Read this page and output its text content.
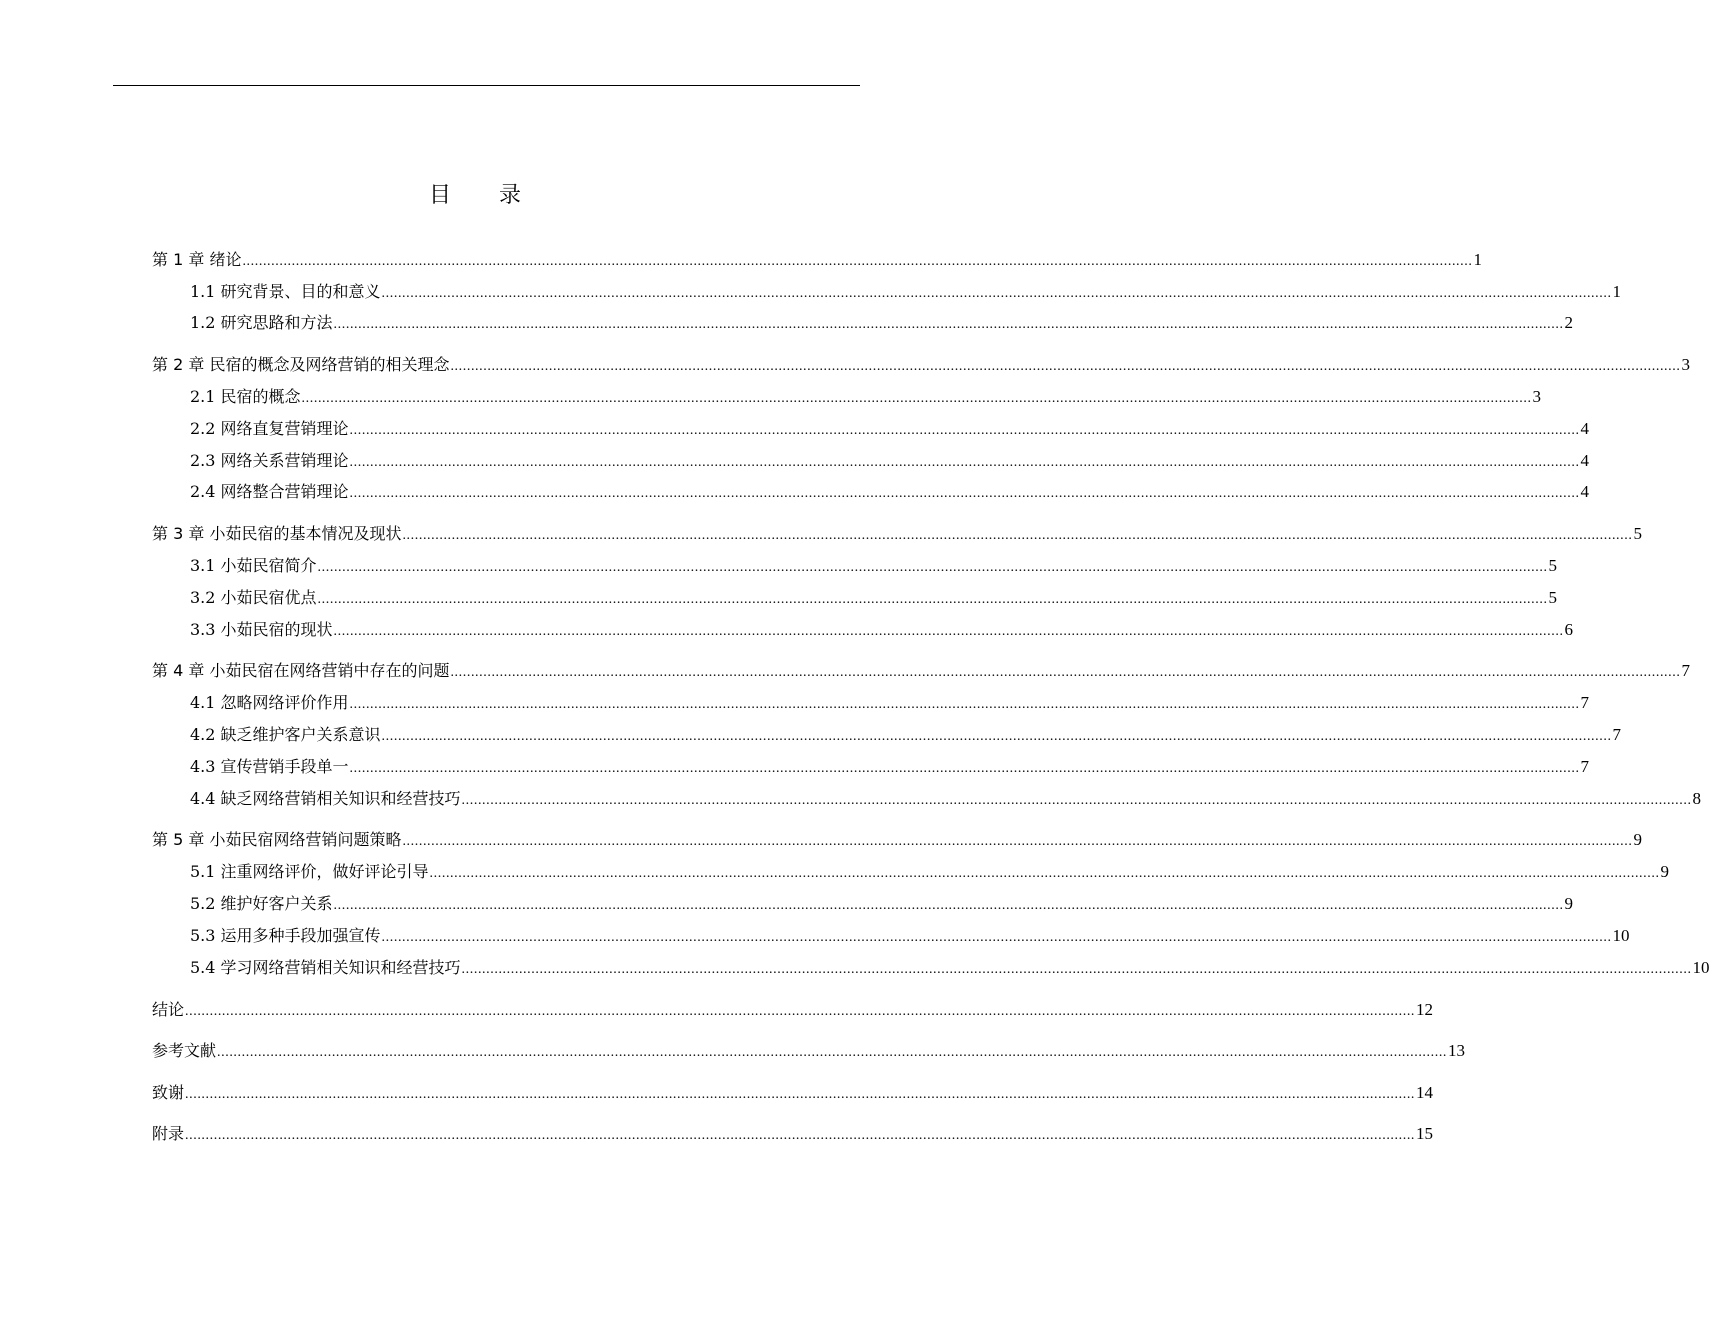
目 录
第 1 章 绪论 ............................................................................................................................................................................................................................................................................................................ 1
1.1 研究背景、目的和意义 ............................................................................................................................................................................................................................................................................................................ 1
1.2 研究思路和方法 ............................................................................................................................................................................................................................................................................................................ 2
第 2 章 民宿的概念及网络营销的相关理念 ............................................................................................................................................................................................................................................................................................................ 3
2.1 民宿的概念 ............................................................................................................................................................................................................................................................................................................ 3
2.2 网络直复营销理论 ............................................................................................................................................................................................................................................................................................................ 4
2.3 网络关系营销理论 ............................................................................................................................................................................................................................................................................................................ 4
2.4 网络整合营销理论 ............................................................................................................................................................................................................................................................................................................ 4
第 3 章 小茹民宿的基本情况及现状 ............................................................................................................................................................................................................................................................................................................ 5
3.1 小茹民宿简介 ............................................................................................................................................................................................................................................................................................................ 5
3.2 小茹民宿优点 ............................................................................................................................................................................................................................................................................................................ 5
3.3 小茹民宿的现状 ............................................................................................................................................................................................................................................................................................................ 6
第 4 章 小茹民宿在网络营销中存在的问题 ............................................................................................................................................................................................................................................................................................................ 7
4.1 忽略网络评价作用 ............................................................................................................................................................................................................................................................................................................ 7
4.2 缺乏维护客户关系意识 ............................................................................................................................................................................................................................................................................................................ 7
4.3 宣传营销手段单一 ............................................................................................................................................................................................................................................................................................................ 7
4.4 缺乏网络营销相关知识和经营技巧 ............................................................................................................................................................................................................................................................................................................ 8
第 5 章 小茹民宿网络营销问题策略 ............................................................................................................................................................................................................................................................................................................ 9
5.1 注重网络评价，做好评论引导 ............................................................................................................................................................................................................................................................................................................ 9
5.2 维护好客户关系 ............................................................................................................................................................................................................................................................................................................ 9
5.3 运用多种手段加强宣传 ............................................................................................................................................................................................................................................................................................................ 10
5.4 学习网络营销相关知识和经营技巧 ............................................................................................................................................................................................................................................................................................................ 10
结论 ............................................................................................................................................................................................................................................................................................................ 12
参考文献 ............................................................................................................................................................................................................................................................................................................ 13
致谢 ............................................................................................................................................................................................................................................................................................................ 14
附录 ............................................................................................................................................................................................................................................................................................................ 15
